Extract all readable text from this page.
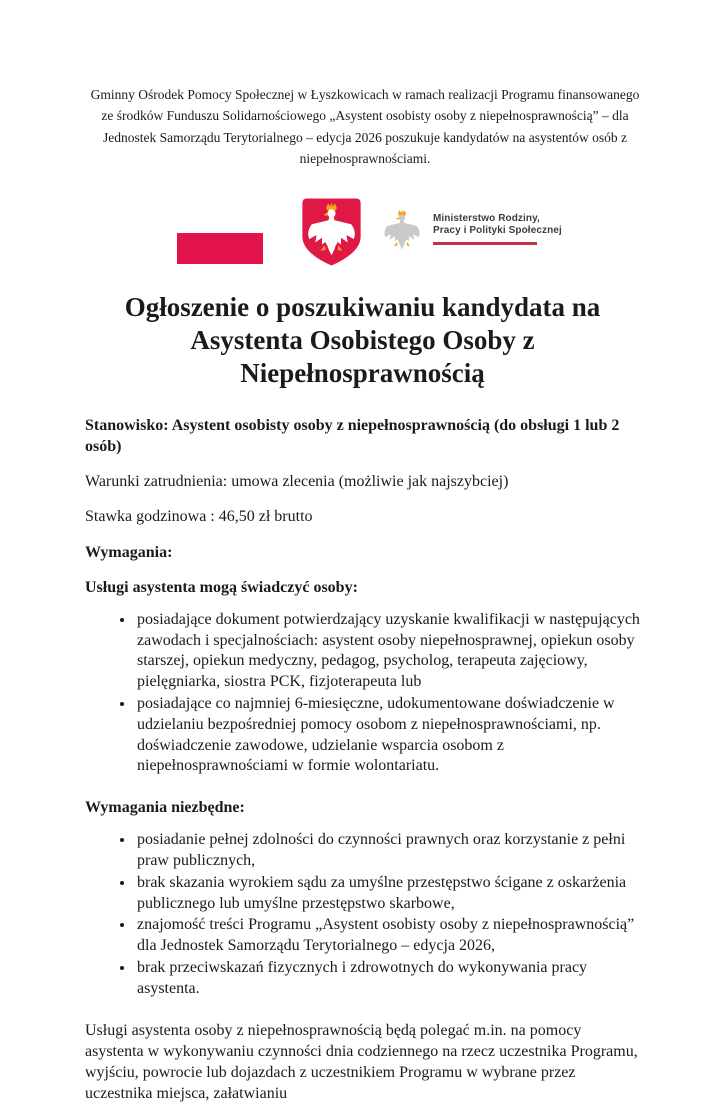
Gminny Ośrodek Pomocy Społecznej w Łyszkowicach w ramach realizacji Programu finansowanego ze środków Funduszu Solidarnościowego „Asystent osobisty osoby z niepełnosprawnością” – dla Jednostek Samorządu Terytorialnego – edycja 2026 poszukuje kandydatów na asystentów osób z niepełnosprawnościami.

Ministerstwo Rodziny,
Pracy i Polityki Społecznej
Ogłoszenie o poszukiwaniu kandydata na Asystenta Osobistego Osoby z Niepełnosprawnością

Stanowisko: Asystent osobisty osoby z niepełnosprawnością (do obsługi 1 lub 2 osób)

Warunki zatrudnienia: umowa zlecenia (możliwie jak najszybciej)

Stawka godzinowa : 46,50 zł brutto

Wymagania:

Usługi asystenta mogą świadczyć osoby:

• posiadające dokument potwierdzający uzyskanie kwalifikacji w następujących zawodach i specjalnościach: asystent osoby niepełnosprawnej, opiekun osoby starszej, opiekun medyczny, pedagog, psycholog, terapeuta zajęciowy, pielęgniarka, siostra PCK, fizjoterapeuta lub
• posiadające co najmniej 6-miesięczne, udokumentowane doświadczenie w udzielaniu bezpośredniej pomocy osobom z niepełnosprawnościami, np. doświadczenie zawodowe, udzielanie wsparcia osobom z niepełnosprawnościami w formie wolontariatu.

Wymagania niezbędne:

• posiadanie pełnej zdolności do czynności prawnych oraz korzystanie z pełni praw publicznych,
• brak skazania wyrokiem sądu za umyślne przestępstwo ścigane z oskarżenia publicznego lub umyślne przestępstwo skarbowe,
• znajomość treści Programu „Asystent osobisty osoby z niepełnosprawnością” dla Jednostek Samorządu Terytorialnego – edycja 2026,
• brak przeciwskazań fizycznych i zdrowotnych do wykonywania pracy asystenta.

Usługi asystenta osoby z niepełnosprawnością będą polegać m.in. na pomocy asystenta w wykonywaniu czynności dnia codziennego na rzecz uczestnika Programu, wyjściu, powrocie lub dojazdach z uczestnikiem Programu w wybrane przez uczestnika miejsca, załatwianiu
